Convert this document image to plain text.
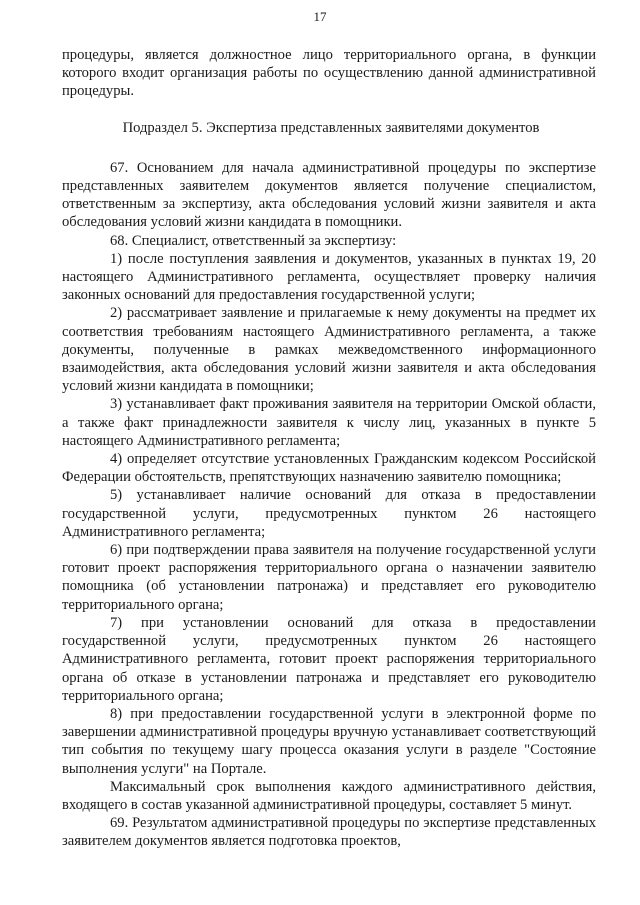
17

процедуры, является должностное лицо территориального органа, в функции которого входит организация работы по осуществлению данной административной процедуры.

Подраздел 5. Экспертиза представленных заявителями документов

67. Основанием для начала административной процедуры по экспертизе представленных заявителем документов является получение специалистом, ответственным за экспертизу, акта обследования условий жизни заявителя и акта обследования условий жизни кандидата в помощники.

68. Специалист, ответственный за экспертизу:

1) после поступления заявления и документов, указанных в пунктах 19, 20 настоящего Административного регламента, осуществляет проверку наличия законных оснований для предоставления государственной услуги;

2) рассматривает заявление и прилагаемые к нему документы на предмет их соответствия требованиям настоящего Административного регламента, а также документы, полученные в рамках межведомственного информационного взаимодействия, акта обследования условий жизни заявителя и акта обследования условий жизни кандидата в помощники;

3) устанавливает факт проживания заявителя на территории Омской области, а также факт принадлежности заявителя к числу лиц, указанных в пункте 5 настоящего Административного регламента;

4) определяет отсутствие установленных Гражданским кодексом Российской Федерации обстоятельств, препятствующих назначению заявителю помощника;

5) устанавливает наличие оснований для отказа в предоставлении государственной услуги, предусмотренных пунктом 26 настоящего Административного регламента;

6) при подтверждении права заявителя на получение государственной услуги готовит проект распоряжения территориального органа о назначении заявителю помощника (об установлении патронажа) и представляет его руководителю территориального органа;

7) при установлении оснований для отказа в предоставлении государственной услуги, предусмотренных пунктом 26 настоящего Административного регламента, готовит проект распоряжения территориального органа об отказе в установлении патронажа и представляет его руководителю территориального органа;

8) при предоставлении государственной услуги в электронной форме по завершении административной процедуры вручную устанавливает соответствующий тип события по текущему шагу процесса оказания услуги в разделе "Состояние выполнения услуги" на Портале.

Максимальный срок выполнения каждого административного действия, входящего в состав указанной административной процедуры, составляет 5 минут.

69. Результатом административной процедуры по экспертизе представленных заявителем документов является подготовка проектов,
